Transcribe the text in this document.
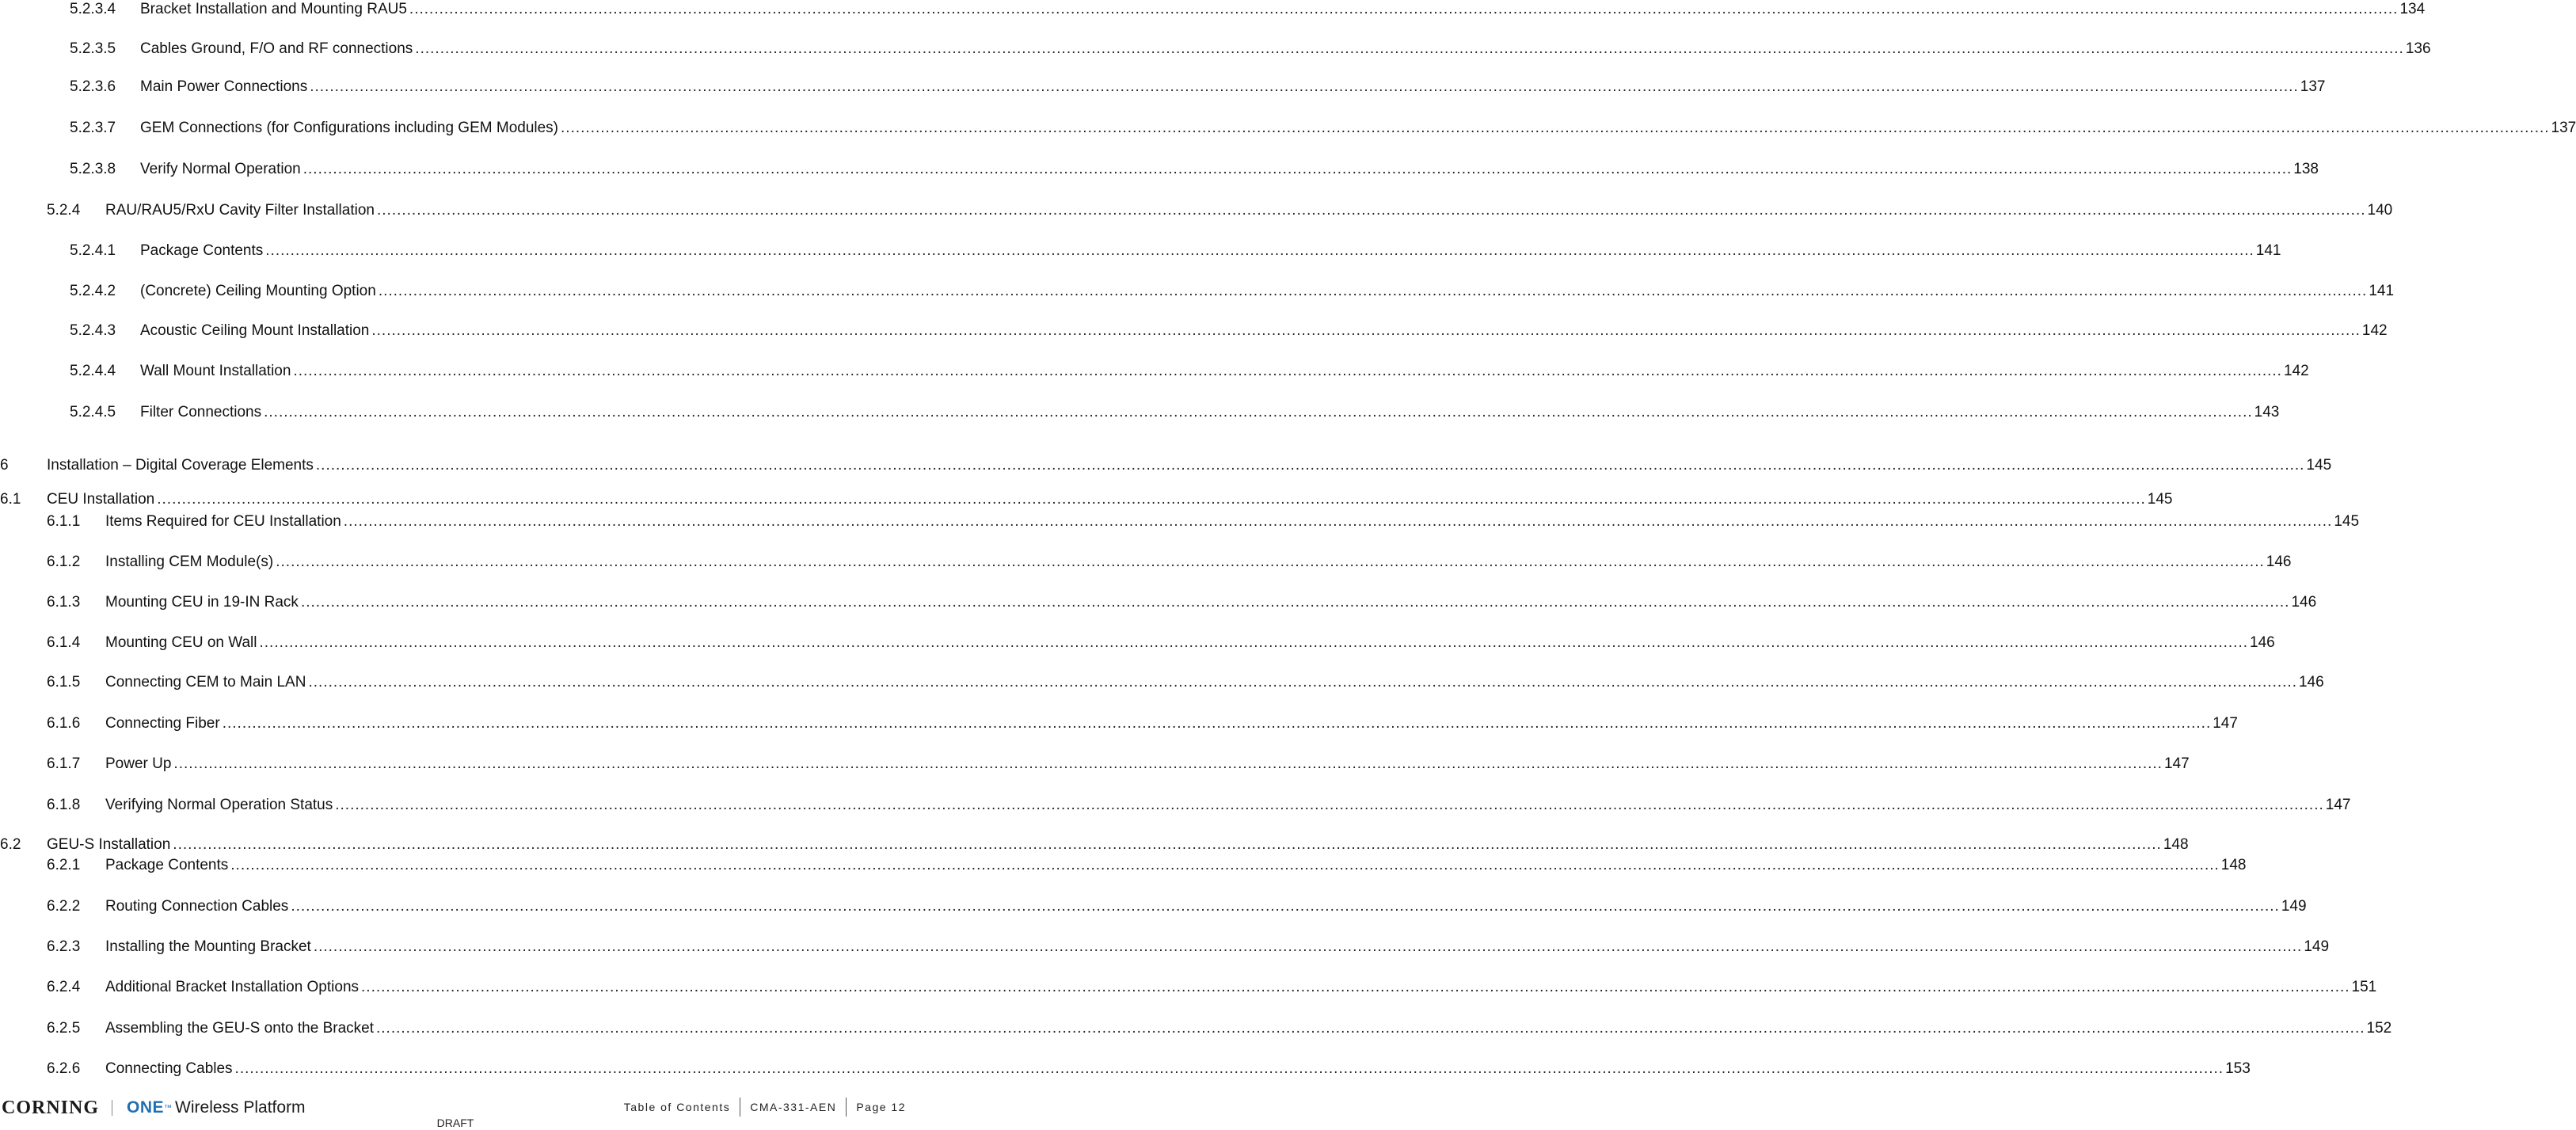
5.2.3.4	Bracket Installation and Mounting RAU5 ................................................................................................................................................................................................................................................................................................................................................................................................................ 134
5.2.3.5	Cables Ground, F/O and RF connections ................................................................................................................................................................................................................................................................................................................................................................................................................ 136
5.2.3.6	Main Power Connections ................................................................................................................................................................................................................................................................................................................................................................................................................ 137
5.2.3.7	GEM Connections (for Configurations including GEM Modules) ................................................................................................................................................................................................................................................................................................................................................................................................................ 137
5.2.3.8	Verify Normal Operation ................................................................................................................................................................................................................................................................................................................................................................................................................ 138
5.2.4	RAU/RAU5/RxU Cavity Filter Installation ................................................................................................................................................................................................................................................................................................................................................................................................................ 140
5.2.4.1	Package Contents ................................................................................................................................................................................................................................................................................................................................................................................................................ 141
5.2.4.2	(Concrete) Ceiling Mounting Option ................................................................................................................................................................................................................................................................................................................................................................................................................ 141
5.2.4.3	Acoustic Ceiling Mount Installation ................................................................................................................................................................................................................................................................................................................................................................................................................ 142
5.2.4.4	Wall Mount Installation ................................................................................................................................................................................................................................................................................................................................................................................................................ 142
5.2.4.5	Filter Connections ................................................................................................................................................................................................................................................................................................................................................................................................................ 143
6	Installation – Digital Coverage Elements ................................................................................................................................................................................................................................................................................................................................................................................................................ 145
6.1	CEU Installation ................................................................................................................................................................................................................................................................................................................................................................................................................ 145
6.1.1	Items Required for CEU Installation ................................................................................................................................................................................................................................................................................................................................................................................................................ 145
6.1.2	Installing CEM Module(s) ................................................................................................................................................................................................................................................................................................................................................................................................................ 146
6.1.3	Mounting CEU in 19-IN Rack ................................................................................................................................................................................................................................................................................................................................................................................................................ 146
6.1.4	Mounting CEU on Wall ................................................................................................................................................................................................................................................................................................................................................................................................................ 146
6.1.5	Connecting CEM to Main LAN ................................................................................................................................................................................................................................................................................................................................................................................................................ 146
6.1.6	Connecting Fiber ................................................................................................................................................................................................................................................................................................................................................................................................................ 147
6.1.7	Power Up ................................................................................................................................................................................................................................................................................................................................................................................................................ 147
6.1.8	Verifying Normal Operation Status ................................................................................................................................................................................................................................................................................................................................................................................................................ 147
6.2	GEU-S Installation ................................................................................................................................................................................................................................................................................................................................................................................................................ 148
6.2.1	Package Contents ................................................................................................................................................................................................................................................................................................................................................................................................................ 148
6.2.2	Routing Connection Cables ................................................................................................................................................................................................................................................................................................................................................................................................................ 149
6.2.3	Installing the Mounting Bracket ................................................................................................................................................................................................................................................................................................................................................................................................................ 149
6.2.4	Additional Bracket Installation Options ................................................................................................................................................................................................................................................................................................................................................................................................................ 151
6.2.5	Assembling the GEU-S onto the Bracket ................................................................................................................................................................................................................................................................................................................................................................................................................ 152
6.2.6	Connecting Cables ................................................................................................................................................................................................................................................................................................................................................................................................................ 153
CORNING ONE ™ Wireless Platform	Table of Contents	CMA-331-AEN	Page 12
DRAFT
